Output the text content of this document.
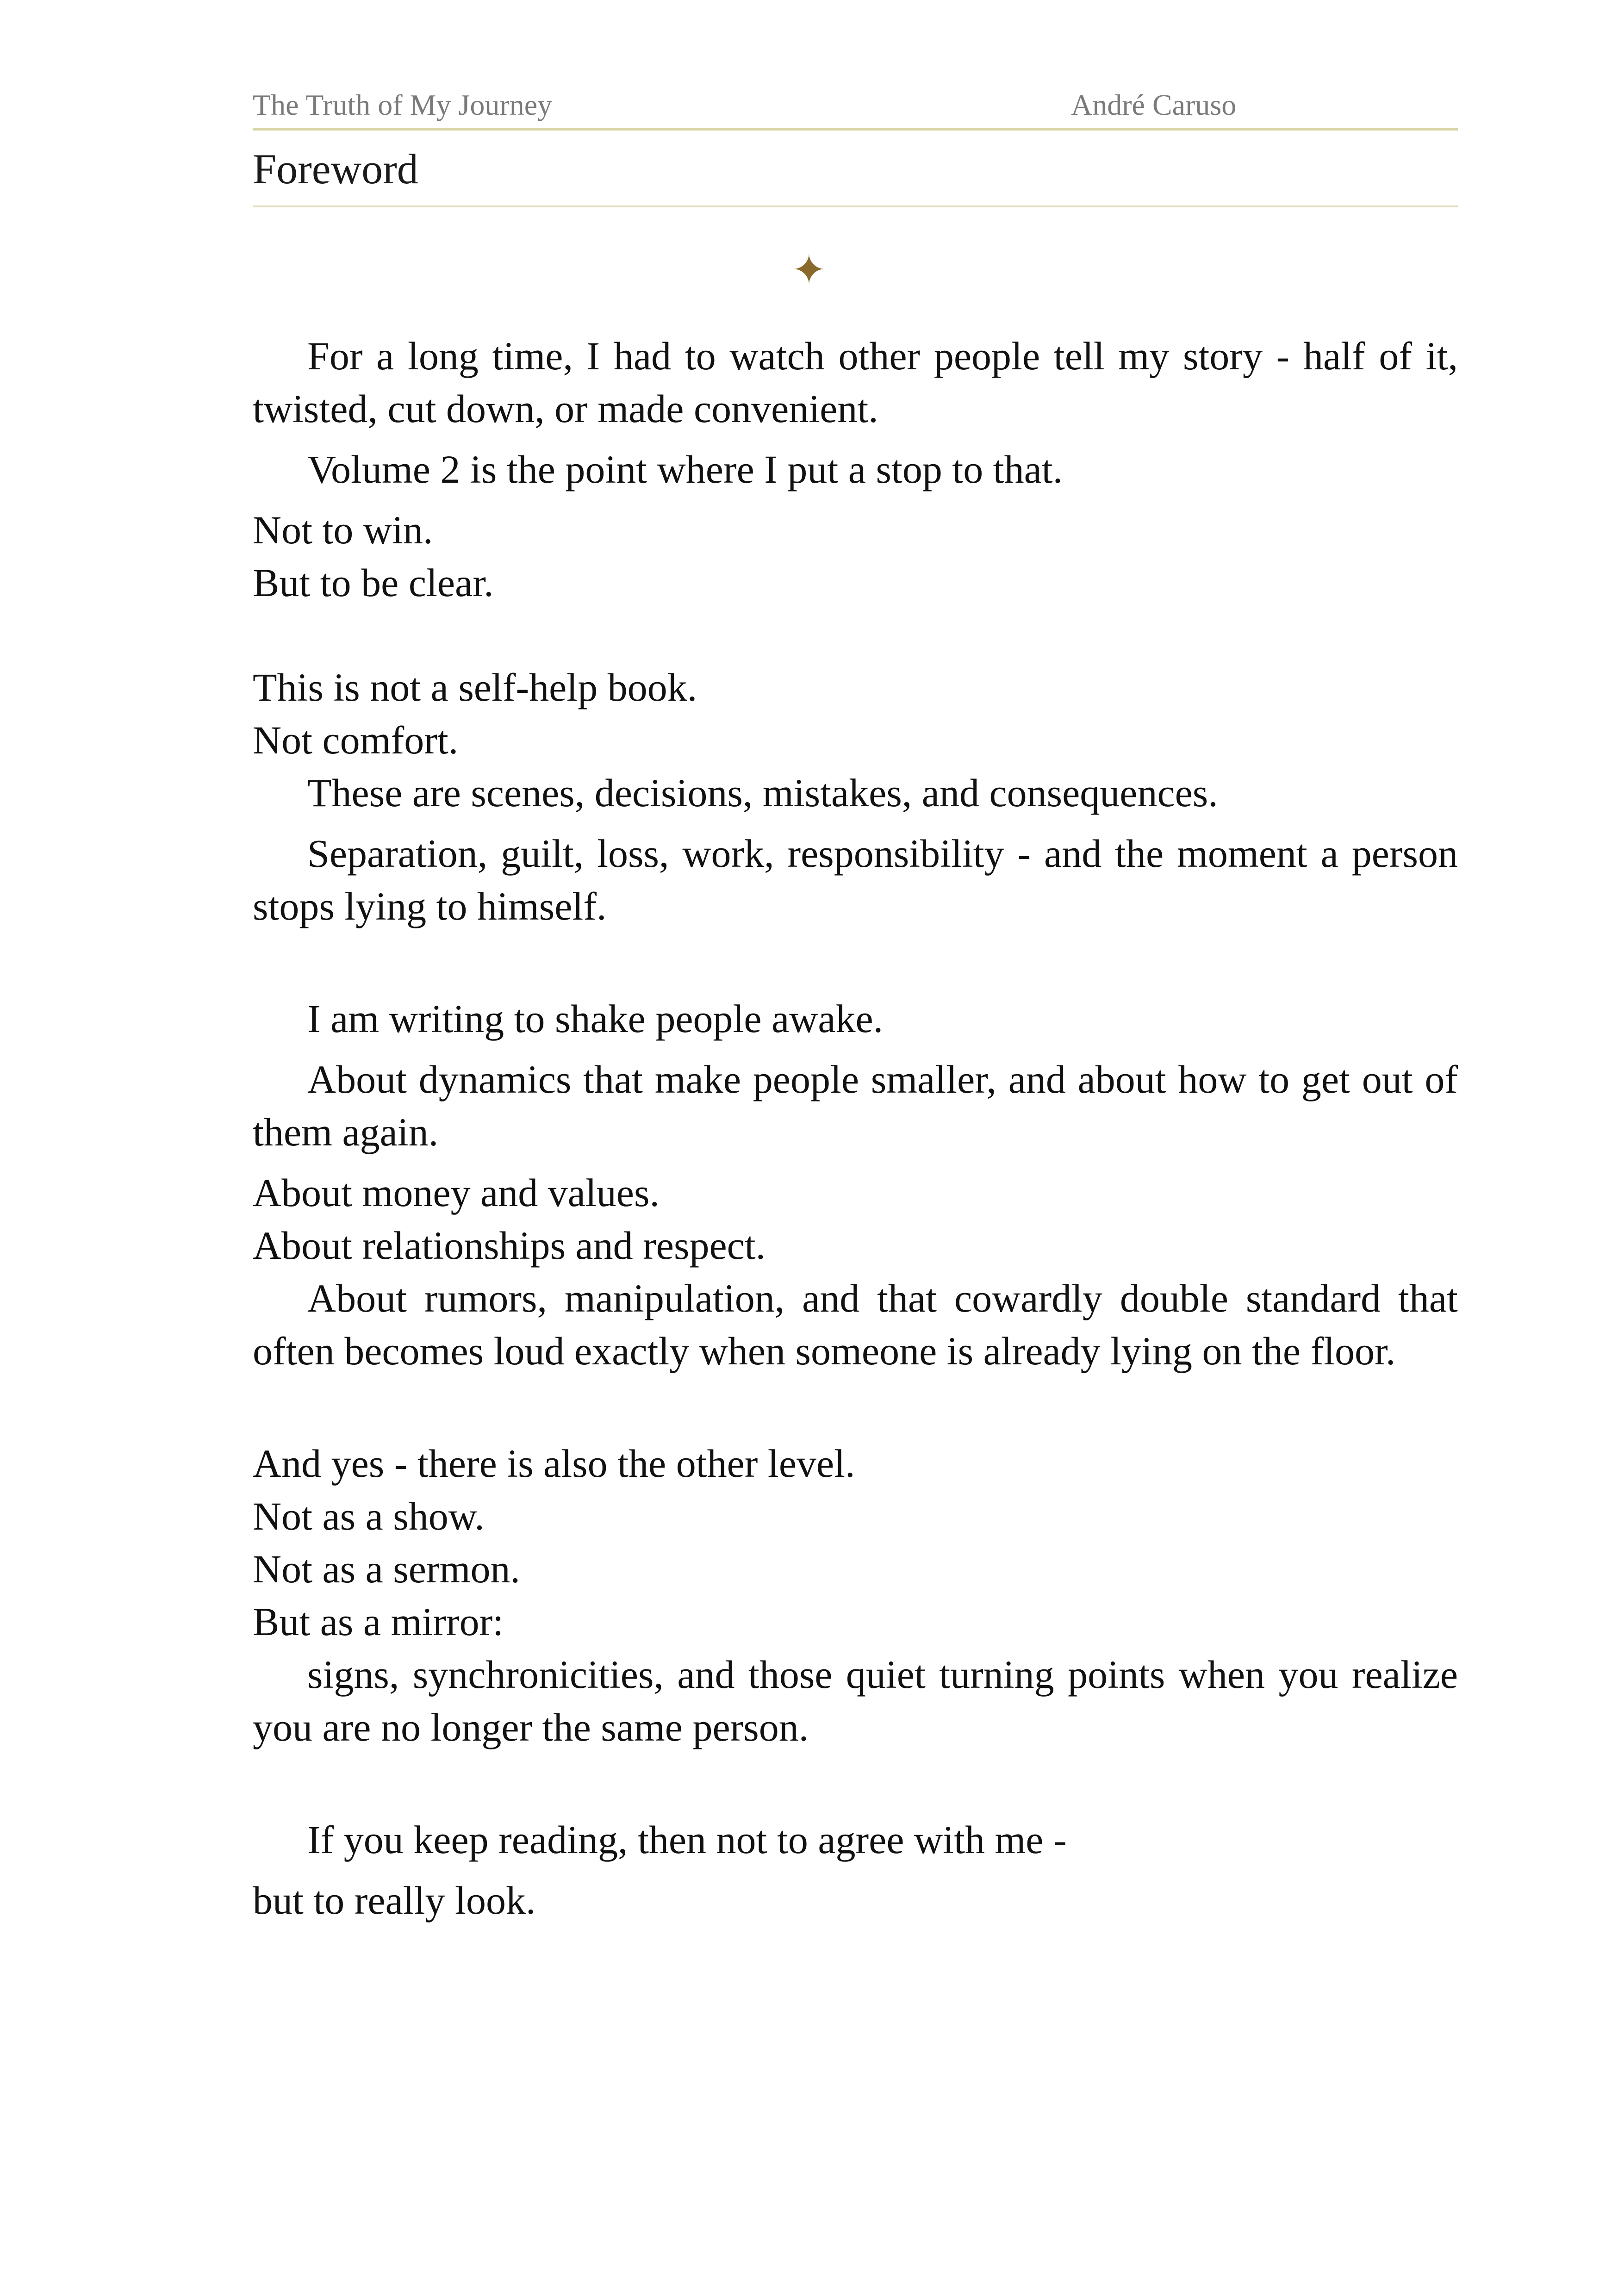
The Truth of My Journey	André Caruso
Foreword
✦

For a long time, I had to watch other people tell my story - half of it, twisted, cut down, or made convenient.

Volume 2 is the point where I put a stop to that.

Not to win.

But to be clear.

This is not a self-help book.

Not comfort.

These are scenes, decisions, mistakes, and consequences.

Separation, guilt, loss, work, responsibility - and the moment a person stops lying to himself.

I am writing to shake people awake.

About dynamics that make people smaller, and about how to get out of them again.

About money and values.

About relationships and respect.

About rumors, manipulation, and that cowardly double standard that often becomes loud exactly when someone is already lying on the floor.

And yes - there is also the other level.

Not as a show.

Not as a sermon.

But as a mirror:

signs, synchronicities, and those quiet turning points when you realize you are no longer the same person.

If you keep reading, then not to agree with me -

but to really look.
